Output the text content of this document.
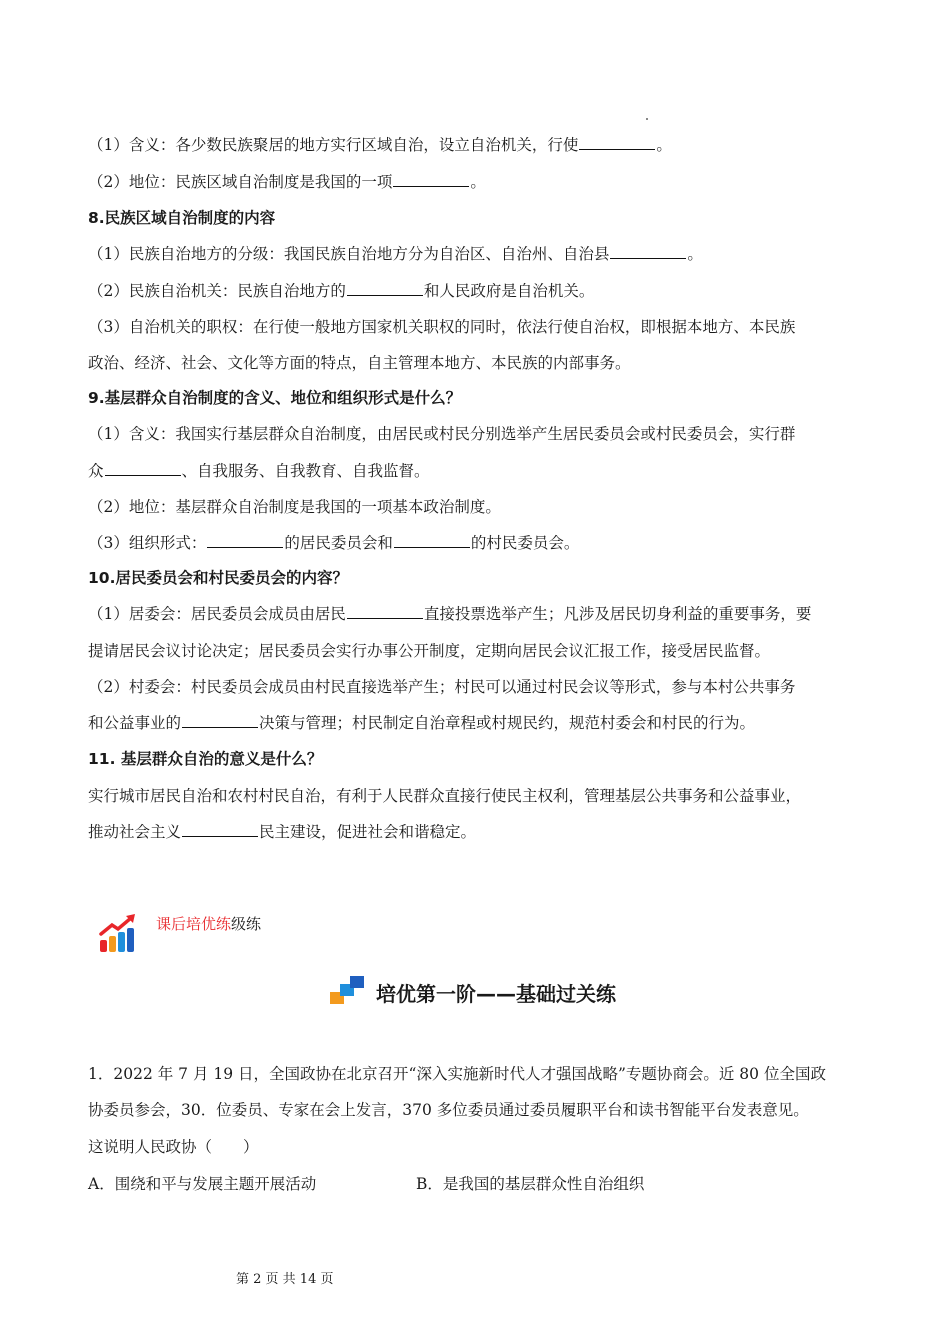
（1）含义：各少数民族聚居的地方实行区域自治，设立自治机关，行使	。
（2）地位：民族区域自治制度是我国的一项	。
8.民族区域自治制度的内容
（1）民族自治地方的分级：我国民族自治地方分为自治区、自治州、自治县	。
（2）民族自治机关：民族自治地方的	和人民政府是自治机关。
（3）自治机关的职权：在行使一般地方国家机关职权的同时，依法行使自治权，即根据本地方、本民族
政治、经济、社会、文化等方面的特点，自主管理本地方、本民族的内部事务。
9.基层群众自治制度的含义、地位和组织形式是什么？
（1）含义：我国实行基层群众自治制度，由居民或村民分别选举产生居民委员会或村民委员会，实行群
众	、自我服务、自我教育、自我监督。
（2）地位：基层群众自治制度是我国的一项基本政治制度。
（3）组织形式：	的居民委员会和	的村民委员会。
10.居民委员会和村民委员会的内容？
（1）居委会：居民委员会成员由居民	直接投票选举产生；凡涉及居民切身利益的重要事务，要
提请居民会议讨论决定；居民委员会实行办事公开制度，定期向居民会议汇报工作，接受居民监督。
（2）村委会：村民委员会成员由村民直接选举产生；村民可以通过村民会议等形式，参与本村公共事务
和公益事业的	决策与管理；村民制定自治章程或村规民约，规范村委会和村民的行为。
11. 基层群众自治的意义是什么？
实行城市居民自治和农村村民自治，有利于人民群众直接行使民主权利，管理基层公共事务和公益事业，
推动社会主义	民主建设，促进社会和谐稳定。
课后培优练级练
培优第一阶——基础过关练
1．2022 年 7 月 19 日，全国政协在北京召开“深入实施新时代人才强国战略”专题协商会。近 80 位全国政
协委员参会，30．位委员、专家在会上发言，370 多位委员通过委员履职平台和读书智能平台发表意见。
这说明人民政协（　　）
A．围绕和平与发展主题开展活动	B．是我国的基层群众性自治组织
第 2 页 共 14 页
